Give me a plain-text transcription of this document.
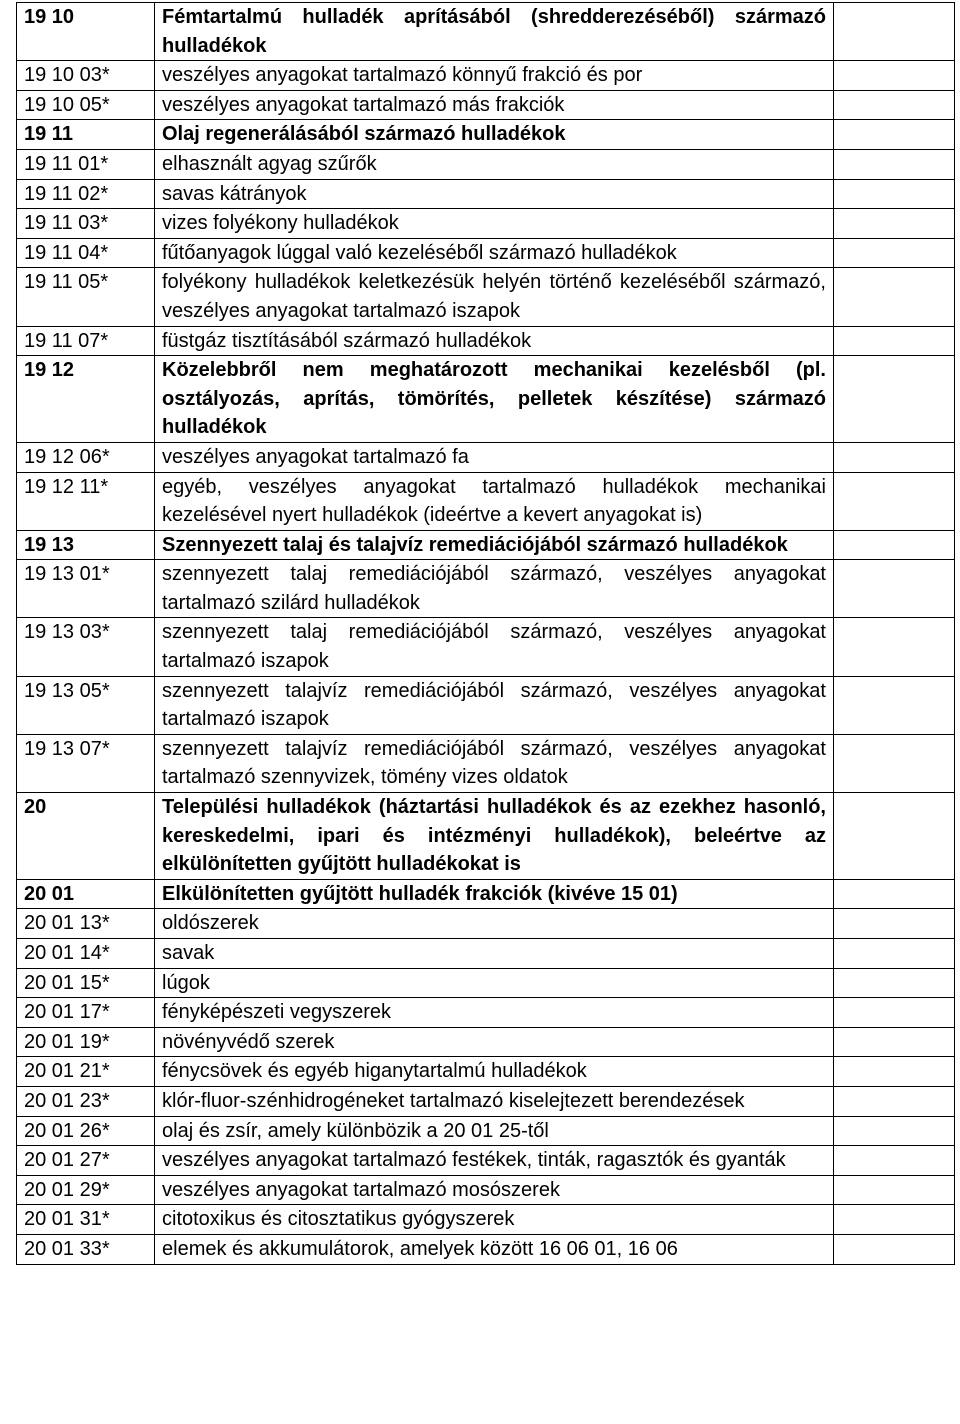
19 10	Fémtartalmú hulladék aprításából (shredderezéséből) származó hulladékok	
19 10 03*	veszélyes anyagokat tartalmazó könnyű frakció és por	
19 10 05*	veszélyes anyagokat tartalmazó más frakciók	
19 11	Olaj regenerálásából származó hulladékok	
19 11 01*	elhasznált agyag szűrők	
19 11 02*	savas kátrányok	
19 11 03*	vizes folyékony hulladékok	
19 11 04*	fűtőanyagok lúggal való kezeléséből származó hulladékok	
19 11 05*	folyékony hulladékok keletkezésük helyén történő kezeléséből származó, veszélyes anyagokat tartalmazó iszapok	
19 11 07*	füstgáz tisztításából származó hulladékok	
19 12	Közelebbről nem meghatározott mechanikai kezelésből (pl. osztályozás, aprítás, tömörítés, pelletek készítése) származó hulladékok	
19 12 06*	veszélyes anyagokat tartalmazó fa	
19 12 11*	egyéb, veszélyes anyagokat tartalmazó hulladékok mechanikai kezelésével nyert hulladékok (ideértve a kevert anyagokat is)	
19 13	Szennyezett talaj és talajvíz remediációjából származó hulladékok	
19 13 01*	szennyezett talaj remediációjából származó, veszélyes anyagokat tartalmazó szilárd hulladékok	
19 13 03*	szennyezett talaj remediációjából származó, veszélyes anyagokat tartalmazó iszapok	
19 13 05*	szennyezett talajvíz remediációjából származó, veszélyes anyagokat tartalmazó iszapok	
19 13 07*	szennyezett talajvíz remediációjából származó, veszélyes anyagokat tartalmazó szennyvizek, tömény vizes oldatok	
20	Települési hulladékok (háztartási hulladékok és az ezekhez hasonló, kereskedelmi, ipari és intézményi hulladékok), beleértve az elkülönítetten gyűjtött hulladékokat is	
20 01	Elkülönítetten gyűjtött hulladék frakciók (kivéve 15 01)	
20 01 13*	oldószerek	
20 01 14*	savak	
20 01 15*	lúgok	
20 01 17*	fényképészeti vegyszerek	
20 01 19*	növényvédő szerek	
20 01 21*	fénycsövek és egyéb higanytartalmú hulladékok	
20 01 23*	klór-fluor-szénhidrogéneket tartalmazó kiselejtezett berendezések	
20 01 26*	olaj és zsír, amely különbözik a 20 01 25-től	
20 01 27*	veszélyes anyagokat tartalmazó festékek, tinták, ragasztók és gyanták	
20 01 29*	veszélyes anyagokat tartalmazó mosószerek	
20 01 31*	citotoxikus és citosztatikus gyógyszerek	
20 01 33*	elemek és akkumulátorok, amelyek között 16 06 01, 16 06	
